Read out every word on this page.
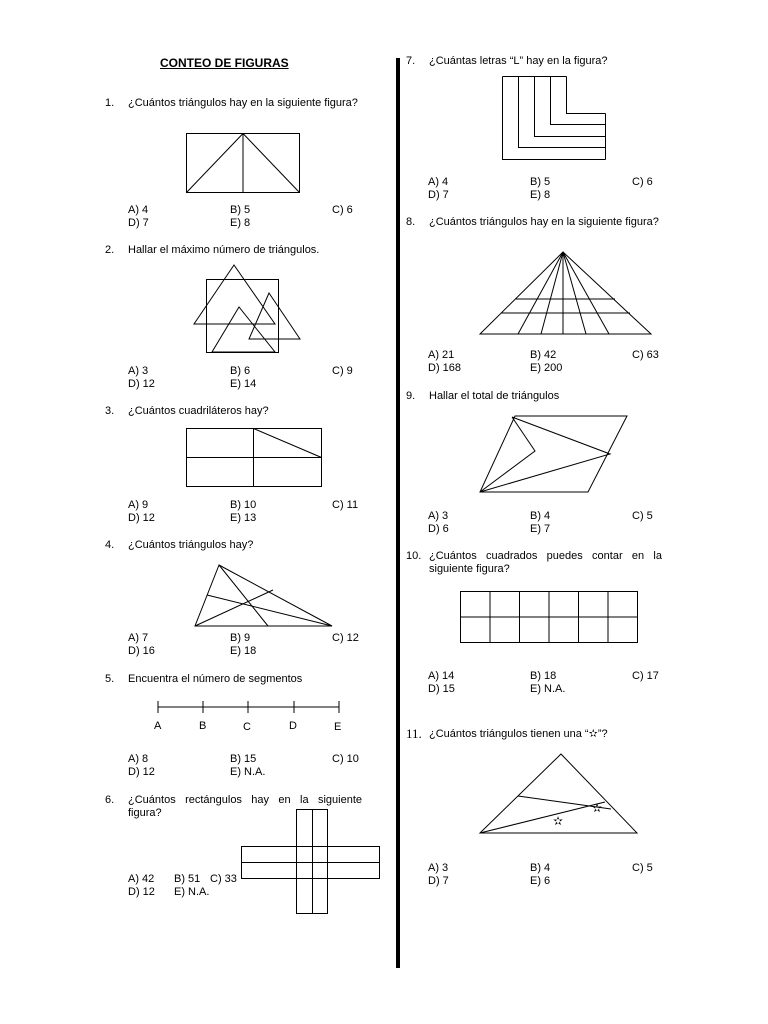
CONTEO DE FIGURAS
1. ¿Cuántos triángulos hay en la siguiente figura?
A) 4	B) 5	C) 6
D) 7	E) 8
2. Hallar el máximo número de triángulos.
A) 3	B) 6	C) 9
D) 12	E) 14
3. ¿Cuántos cuadriláteros hay?
A) 9	B) 10	C) 11
D) 12	E) 13
4. ¿Cuántos triángulos hay?
A) 7	B) 9	C) 12
D) 16	E) 18
5. Encuentra el número de segmentos
A	B	C	D	E
A) 8	B) 15	C) 10
D) 12	E) N.A.
6. ¿Cuántos rectángulos hay en la siguiente figura?
A) 42 B) 51 C) 33
D) 12 E) N.A.
7. ¿Cuántas letras “L” hay en la figura?
A) 4	B) 5	C) 6
D) 7	E) 8
8. ¿Cuántos triángulos hay en la siguiente figura?
A) 21	B) 42	C) 63
D) 168	E) 200
9. Hallar el total de triángulos
A) 3	B) 4	C) 5
D) 6	E) 7
10. ¿Cuántos cuadrados puedes contar en la siguiente figura?
A) 14	B) 18	C) 17
D) 15	E) N.A.
11. ¿Cuántos triángulos tienen una “✫”?
✫
✫
A) 3	B) 4	C) 5
D) 7	E) 6
